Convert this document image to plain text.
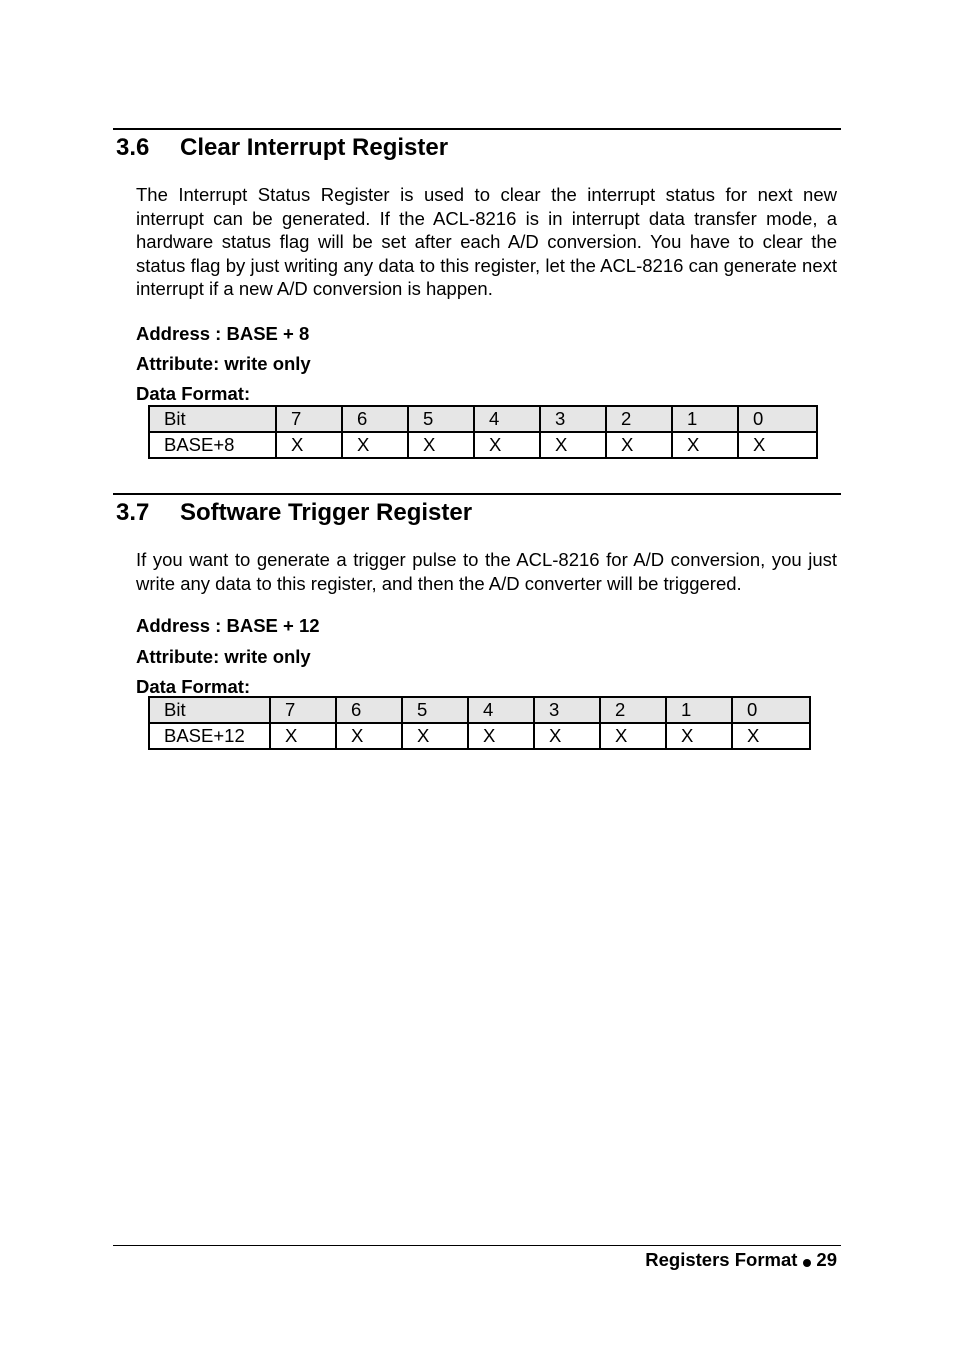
3.6	Clear Interrupt Register

The Interrupt Status Register is used to clear the interrupt status for next new interrupt can be generated. If the ACL-8216 is in interrupt data transfer mode, a hardware status flag will be set after each A/D conversion. You have to clear the status flag by just writing any data to this register, let the ACL-8216 can generate next interrupt if a new A/D conversion is happen.

Address : BASE + 8

Attribute: write only

Data Format:

Bit	7	6	5	4	3	2	1	0
BASE+8	X	X	X	X	X	X	X	X
3.7	Software Trigger Register

If you want to generate a trigger pulse to the ACL-8216 for A/D conversion, you just write any data to this register, and then the A/D converter will be triggered.

Address : BASE + 12

Attribute: write only

Data Format:

Bit	7	6	5	4	3	2	1	0
BASE+12	X	X	X	X	X	X	X	X
Registers Format 29
